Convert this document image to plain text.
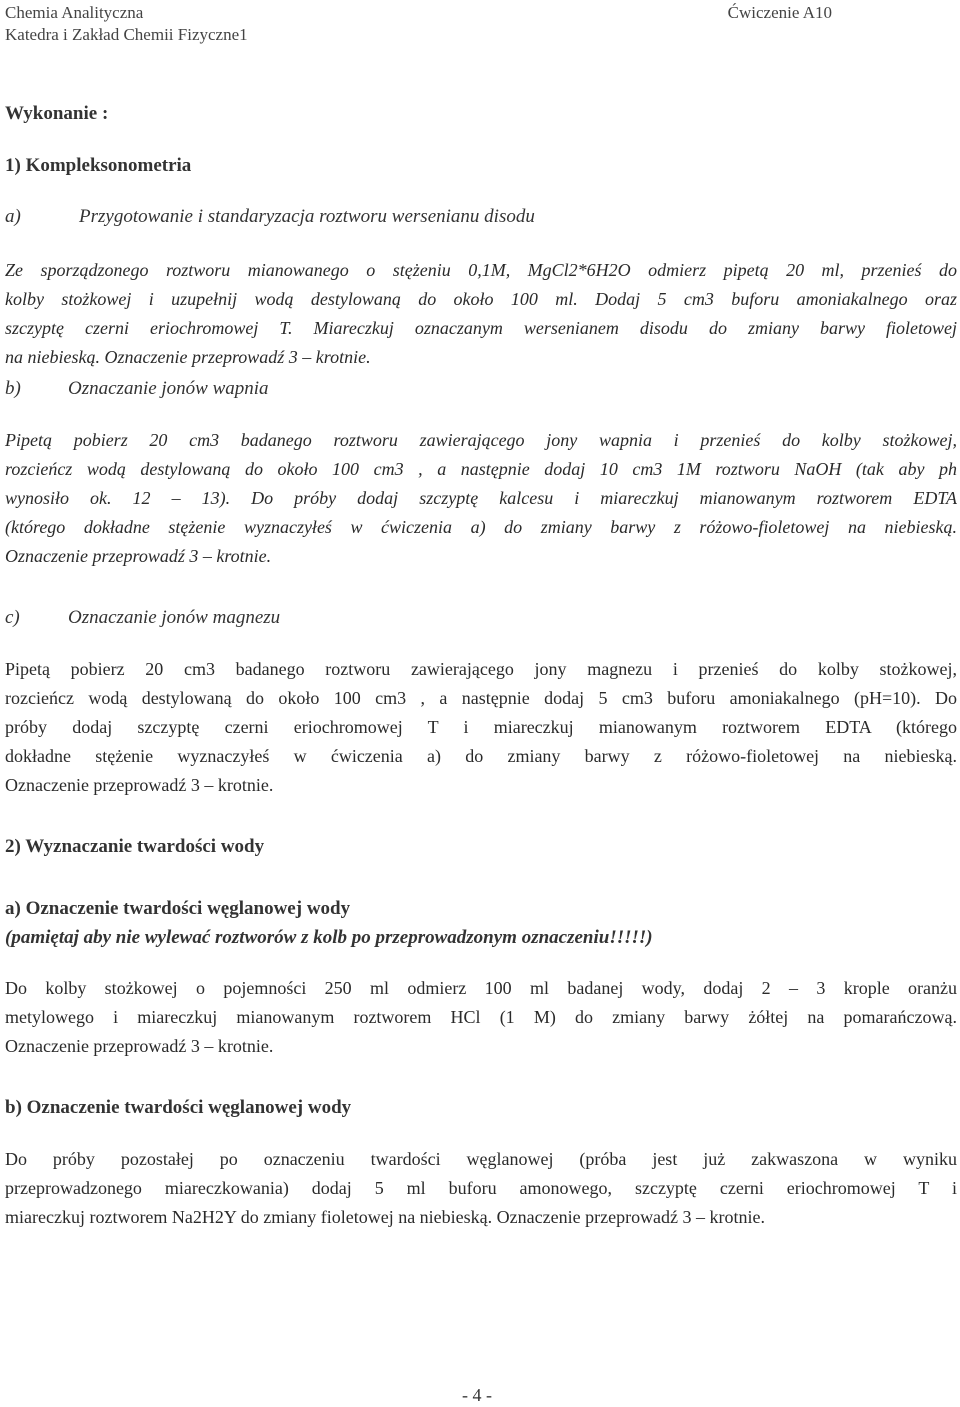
Chemia Analityczna
Katedra i Zakład Chemii Fizyczne1
Ćwiczenie A10
Wykonanie :
1) Kompleksonometria
a)	Przygotowanie i standaryzacja roztworu wersenianu disodu
Ze sporządzonego roztworu mianowanego o stężeniu 0,1M, MgCl2*6H2O odmierz pipetą 20 ml, przenieś do
kolby stożkowej i uzupełnij wodą destylowaną do około 100 ml. Dodaj 5 cm3 buforu amoniakalnego oraz
szczyptę czerni eriochromowej T. Miareczkuj oznaczanym wersenianem disodu do zmiany barwy fioletowej
na niebieską. Oznaczenie przeprowadź 3 – krotnie.
b) Oznaczanie jonów wapnia
Pipetą pobierz 20 cm3 badanego roztworu zawierającego jony wapnia i przenieś do kolby stożkowej,
rozcieńcz wodą destylowaną do około 100 cm3 , a następnie dodaj 10 cm3 1M roztworu NaOH (tak aby ph
wynosiło ok. 12 – 13). Do próby dodaj szczyptę kalcesu i miareczkuj mianowanym roztworem EDTA
(którego dokładne stężenie wyznaczyłeś w ćwiczenia a) do zmiany barwy z różowo-fioletowej na niebieską.
Oznaczenie przeprowadź 3 – krotnie.
c)	Oznaczanie jonów magnezu
Pipetą pobierz 20 cm3 badanego roztworu zawierającego jony magnezu i przenieś do kolby stożkowej,
rozcieńcz wodą destylowaną do około 100 cm3 , a następnie dodaj 5 cm3 buforu amoniakalnego (pH=10). Do
próby dodaj szczyptę czerni eriochromowej T i miareczkuj mianowanym roztworem EDTA (którego
dokładne stężenie wyznaczyłeś w ćwiczenia a) do zmiany barwy z różowo-fioletowej na niebieską.
Oznaczenie przeprowadź 3 – krotnie.
2) Wyznaczanie twardości wody
a) Oznaczenie twardości węglanowej wody
(pamiętaj aby nie wylewać roztworów z kolb po przeprowadzonym oznaczeniu!!!!!)
Do kolby stożkowej o pojemności 250 ml odmierz 100 ml badanej wody, dodaj 2 – 3 krople oranżu
metylowego i miareczkuj mianowanym roztworem HCl (1 M) do zmiany barwy żółtej na pomarańczową.
Oznaczenie przeprowadź 3 – krotnie.
b) Oznaczenie twardości węglanowej wody
Do próby pozostałej po oznaczeniu twardości węglanowej (próba jest już zakwaszona w wyniku
przeprowadzonego miareczkowania) dodaj 5 ml buforu amonowego, szczyptę czerni eriochromowej T i
miareczkuj roztworem Na2H2Y do zmiany fioletowej na niebieską. Oznaczenie przeprowadź 3 – krotnie.
- 4 -
